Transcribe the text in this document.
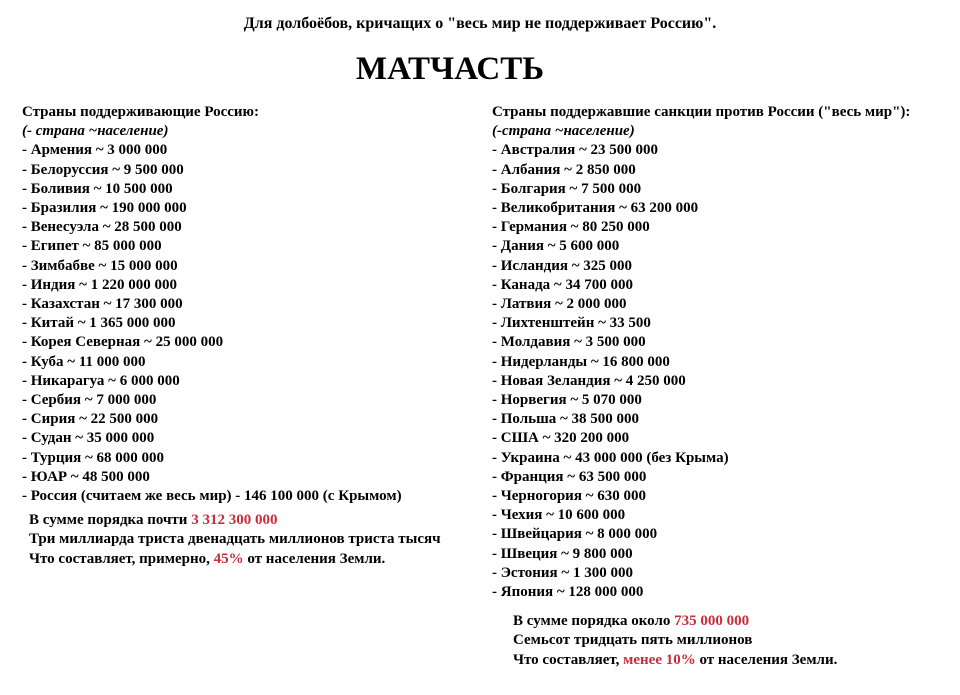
Для долбоёбов, кричащих о "весь мир не поддерживает Россию".
МАТЧАСТЬ
Страны поддерживающие Россию:
(- страна ~население)
- Армения ~ 3 000 000
- Белоруссия ~ 9 500 000
- Боливия ~ 10 500 000
- Бразилия ~ 190 000 000
- Венесуэла ~ 28 500 000
- Египет ~ 85 000 000
- Зимбабве ~ 15 000 000
- Индия ~ 1 220 000 000
- Казахстан ~ 17 300 000
- Китай ~ 1 365 000 000
- Корея Северная ~ 25 000 000
- Куба ~ 11 000 000
- Никарагуа ~ 6 000 000
- Сербия ~ 7 000 000
- Сирия ~ 22 500 000
- Судан ~ 35 000 000
- Турция ~ 68 000 000
- ЮАР ~ 48 500 000
- Россия (считаем же весь мир) - 146 100 000 (с Крымом)
В сумме порядка почти 3 312 300 000
Три миллиарда триста двенадцать миллионов триста тысяч
Что составляет, примерно, 45% от населения Земли.
Страны поддержавшие санкции против России ("весь мир"):
(-страна ~население)
- Австралия ~ 23 500 000
- Албания ~ 2 850 000
- Болгария ~ 7 500 000
- Великобритания ~ 63 200 000
- Германия ~ 80 250 000
- Дания ~ 5 600 000
- Исландия ~ 325 000
- Канада ~ 34 700 000
- Латвия ~ 2 000 000
- Лихтенштейн ~ 33 500
- Молдавия ~ 3 500 000
- Нидерланды ~ 16 800 000
- Новая Зеландия ~ 4 250 000
- Норвегия ~ 5 070 000
- Польша ~ 38 500 000
- США ~ 320 200 000
- Украина ~ 43 000 000 (без Крыма)
- Франция ~ 63 500 000
- Черногория ~ 630 000
- Чехия ~ 10 600 000
- Швейцария ~ 8 000 000
- Швеция ~ 9 800 000
- Эстония ~ 1 300 000
- Япония ~ 128 000 000
В сумме порядка около 735 000 000
Семьсот тридцать пять миллионов
Что составляет, менее 10% от населения Земли.
